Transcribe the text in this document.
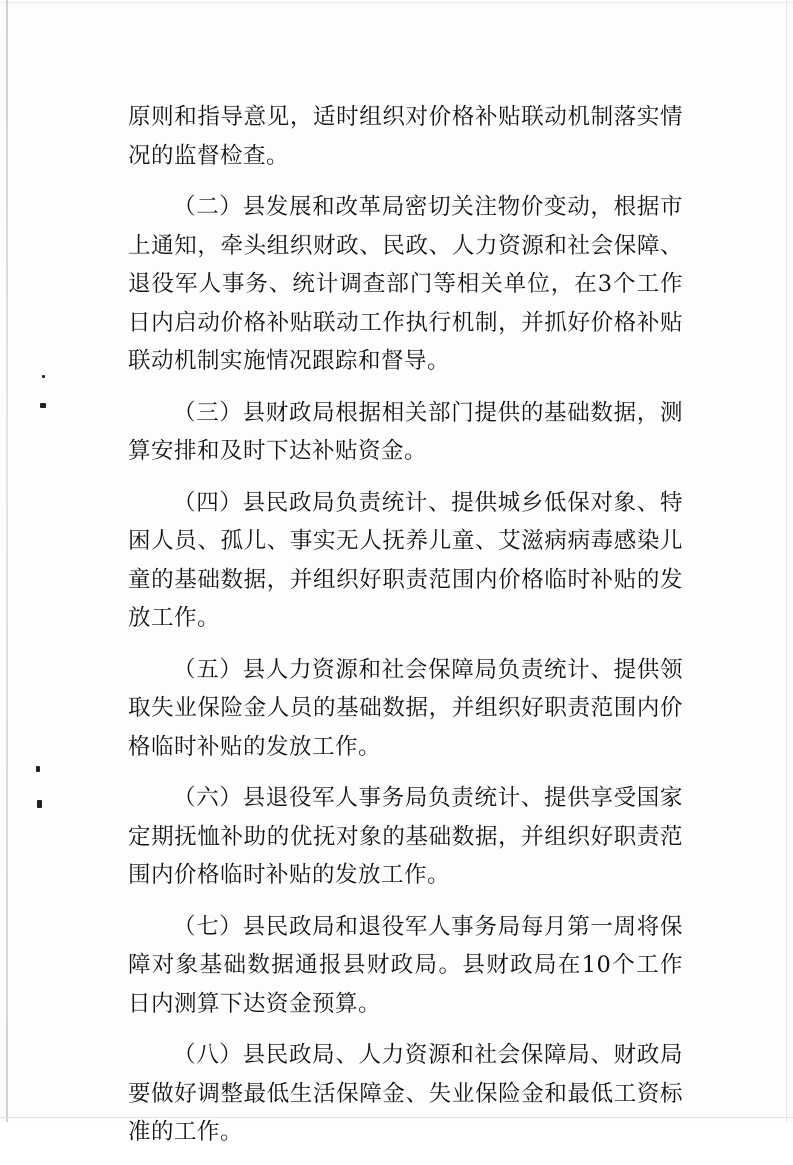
原则和指导意见，适时组织对价格补贴联动机制落实情况的监督检查。

（二）县发展和改革局密切关注物价变动，根据市上通知，牵头组织财政、民政、人力资源和社会保障、退役军人事务、统计调查部门等相关单位，在3个工作日内启动价格补贴联动工作执行机制，并抓好价格补贴联动机制实施情况跟踪和督导。

（三）县财政局根据相关部门提供的基础数据，测算安排和及时下达补贴资金。

（四）县民政局负责统计、提供城乡低保对象、特困人员、孤儿、事实无人抚养儿童、艾滋病病毒感染儿童的基础数据，并组织好职责范围内价格临时补贴的发放工作。

（五）县人力资源和社会保障局负责统计、提供领取失业保险金人员的基础数据，并组织好职责范围内价格临时补贴的发放工作。

（六）县退役军人事务局负责统计、提供享受国家定期抚恤补助的优抚对象的基础数据，并组织好职责范围内价格临时补贴的发放工作。

（七）县民政局和退役军人事务局每月第一周将保障对象基础数据通报县财政局。县财政局在10个工作日内测算下达资金预算。

（八）县民政局、人力资源和社会保障局、财政局要做好调整最低生活保障金、失业保险金和最低工资标准的工作。
